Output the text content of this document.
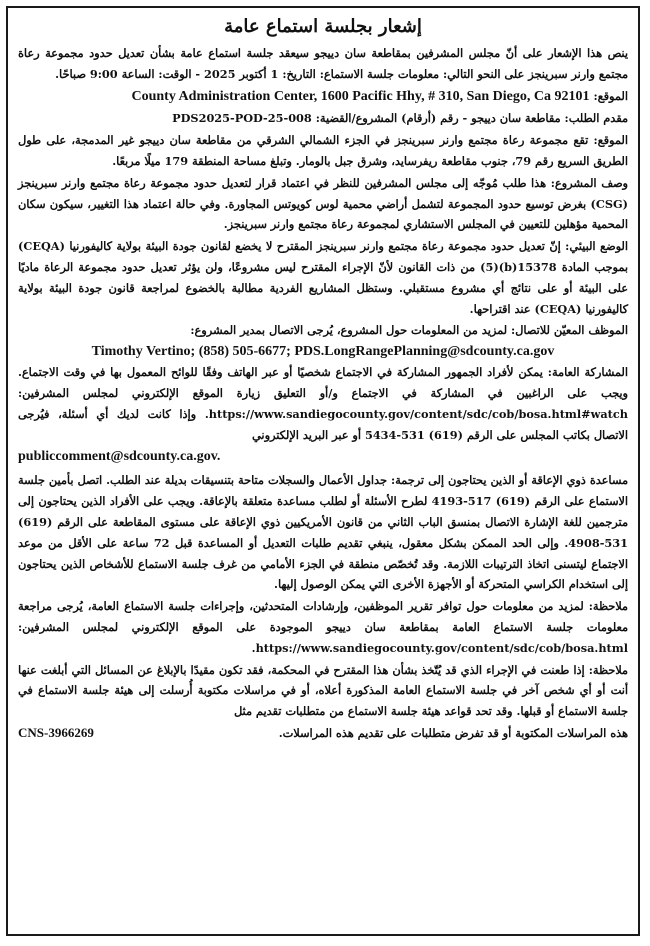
إشعار بجلسة استماع عامة

ينص هذا الإشعار على أنّ مجلس المشرفين بمقاطعة سان دييجو سيعقد جلسة استماع عامة بشأن تعديل حدود مجموعة رعاة مجتمع وارنر سبرينجز على النحو التالي: معلومات جلسة الاستماع: التاريخ: 1 أكتوبر 2025 - الوقت: الساعة 9:00 صباحًا.

الموقع:
County Administration Center, 1600 Pacific Hhy, # 310, San Diego, Ca 92101

مقدم الطلب: مقاطعة سان دييجو - رقم (أرقام) المشروع/القضية: 008-PDS2025-POD-25

الموقع: تقع مجموعة رعاة مجتمع وارنر سبرينجز في الجزء الشمالي الشرقي من مقاطعة سان دييجو غير المدمجة، على طول الطريق السريع رقم 79، جنوب مقاطعة ريفرسايد، وشرق جبل بالومار. وتبلغ مساحة المنطقة 179 ميلًا مربعًا.

وصف المشروع: هذا طلب مُوجّه إلى مجلس المشرفين للنظر في اعتماد قرار لتعديل حدود مجموعة رعاة مجتمع وارنر سبرينجز (CSG) بغرض توسيع حدود المجموعة لتشمل أراضي محمية لوس كويوتس المجاورة. وفي حالة اعتماد هذا التغيير، سيكون سكان المحمية مؤهلين للتعيين في المجلس الاستشاري لمجموعة رعاة مجتمع وارنر سبرينجز.

الوضع البيئي: إنّ تعديل حدود مجموعة رعاة مجتمع وارنر سبرينجز المقترح لا يخضع لقانون جودة البيئة بولاية كاليفورنيا (CEQA) بموجب المادة 15378(b)(5) من ذات القانون لأنّ الإجراء المقترح ليس مشروعًا، ولن يؤثر تعديل حدود مجموعة الرعاة ماديًا على البيئة أو على نتائج أي مشروع مستقبلي. وستظل المشاريع الفردية مطالبة بالخضوع لمراجعة قانون جودة البيئة بولاية كاليفورنيا (CEQA) عند اقتراحها.

الموظف المعيّن للاتصال: لمزيد من المعلومات حول المشروع، يُرجى الاتصال بمدير المشروع:

Timothy Vertino; (858) 505-6677; PDS.LongRangePlanning@sdcounty.ca.gov

المشاركة العامة: يمكن لأفراد الجمهور المشاركة في الاجتماع شخصيًا أو عبر الهاتف وفقًا للوائح المعمول بها في وقت الاجتماع. ويجب على الراغبين في المشاركة في الاجتماع و/أو التعليق زيارة الموقع الإلكتروني لمجلس المشرفين: https://www.sandiegocounty.gov/content/sdc/cob/bosa.html#watch. وإذا كانت لديك أي أسئلة، فيُرجى الاتصال بكاتب المجلس على الرقم (619) 531-5434 أو عبر البريد الإلكتروني

publiccomment@sdcounty.ca.gov.

مساعدة ذوي الإعاقة أو الذين يحتاجون إلى ترجمة: جداول الأعمال والسجلات متاحة بتنسيقات بديلة عند الطلب. اتصل بأمين جلسة الاستماع على الرقم (619) 517-4193 لطرح الأسئلة أو لطلب مساعدة متعلقة بالإعاقة. ويجب على الأفراد الذين يحتاجون إلى مترجمين للغة الإشارة الاتصال بمنسق الباب الثاني من قانون الأمريكيين ذوي الإعاقة على مستوى المقاطعة على الرقم (619) 531-4908. وإلى الحد الممكن بشكل معقول، ينبغي تقديم طلبات التعديل أو المساعدة قبل 72 ساعة على الأقل من موعد الاجتماع ليتسنى اتخاذ الترتيبات اللازمة. وقد تُخصّص منطقة في الجزء الأمامي من غرف جلسة الاستماع للأشخاص الذين يحتاجون إلى استخدام الكراسي المتحركة أو الأجهزة الأخرى التي يمكن الوصول إليها.

ملاحظة: لمزيد من معلومات حول توافر تقرير الموظفين، وإرشادات المتحدثين، وإجراءات جلسة الاستماع العامة، يُرجى مراجعة معلومات جلسة الاستماع العامة بمقاطعة سان دييجو الموجودة على الموقع الإلكتروني لمجلس المشرفين: https://www.sandiegocounty.gov/content/sdc/cob/bosa.html.

ملاحظة: إذا طعنت في الإجراء الذي قد يُتّخذ بشأن هذا المقترح في المحكمة، فقد تكون مقيدًا بالإبلاغ عن المسائل التي أبلغت عنها أنت أو أي شخص آخر في جلسة الاستماع العامة المذكورة أعلاه، أو في مراسلات مكتوبة أُرسلت إلى هيئة جلسة الاستماع في جلسة الاستماع أو قبلها. وقد تحد قواعد هيئة جلسة الاستماع من متطلبات تقديم مثل

هذه المراسلات المكتوبة أو قد تفرض متطلبات على تقديم هذه المراسلات.
CNS-3966269
